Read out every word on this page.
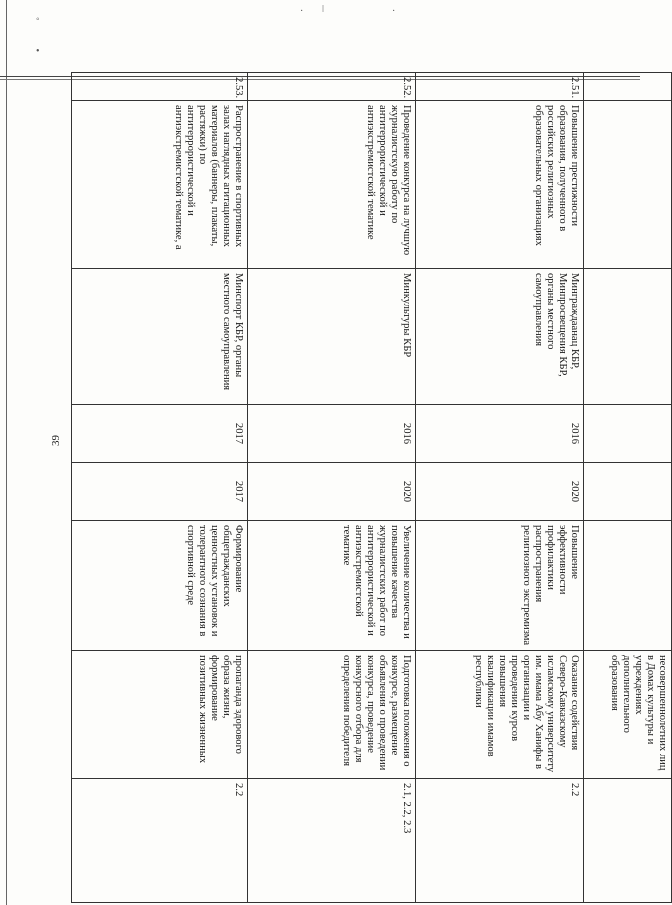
39
◦
•
· ǀ	·
						несовершеннолетних лиц в Домах культуры и учреждениях дополнительного образования	
2.51.	Повышение престижности образования, полученного в российских религиозных образовательных организациях	Минграждаанац КБР, Минпросвещения КБР, органы местного самоуправления	2016	2020	Повышение эффективности профилактики распространения религиозного экстремизма	Оказание содействия Северо-Кавказскому исламскому университету им. имама Абу Ханифы в организации и проведении курсов повышения квалификации имамов республики	2.2
2.52.	Проведение конкурса на лучшую журналистскую работу по антитеррористической и антиэкстремистской тематике	Минкультуры КБР	2016	2020	Увеличение количества и повышение качества журналистских работ по антитеррористической и антиэкстремистской тематике	Подготовка положения о конкурсе, размещение объявления о проведении конкурса, проведение конкурсного отбора для определения победителя	2.1, 2.2, 2.3
2.53.	Распространение в спортивных залах наглядных агитационных материалов (баннеры, плакаты, растяжки) по антитеррористической и антиэкстремистской тематике, а	Минспорт КБР, органы местного самоуправления	2017	2017	Формирование общегражданских ценностных установок и толерантного сознания в спортивной среде	пропаганда здорового образа жизни, формирование позитивных жизненных	2.2
